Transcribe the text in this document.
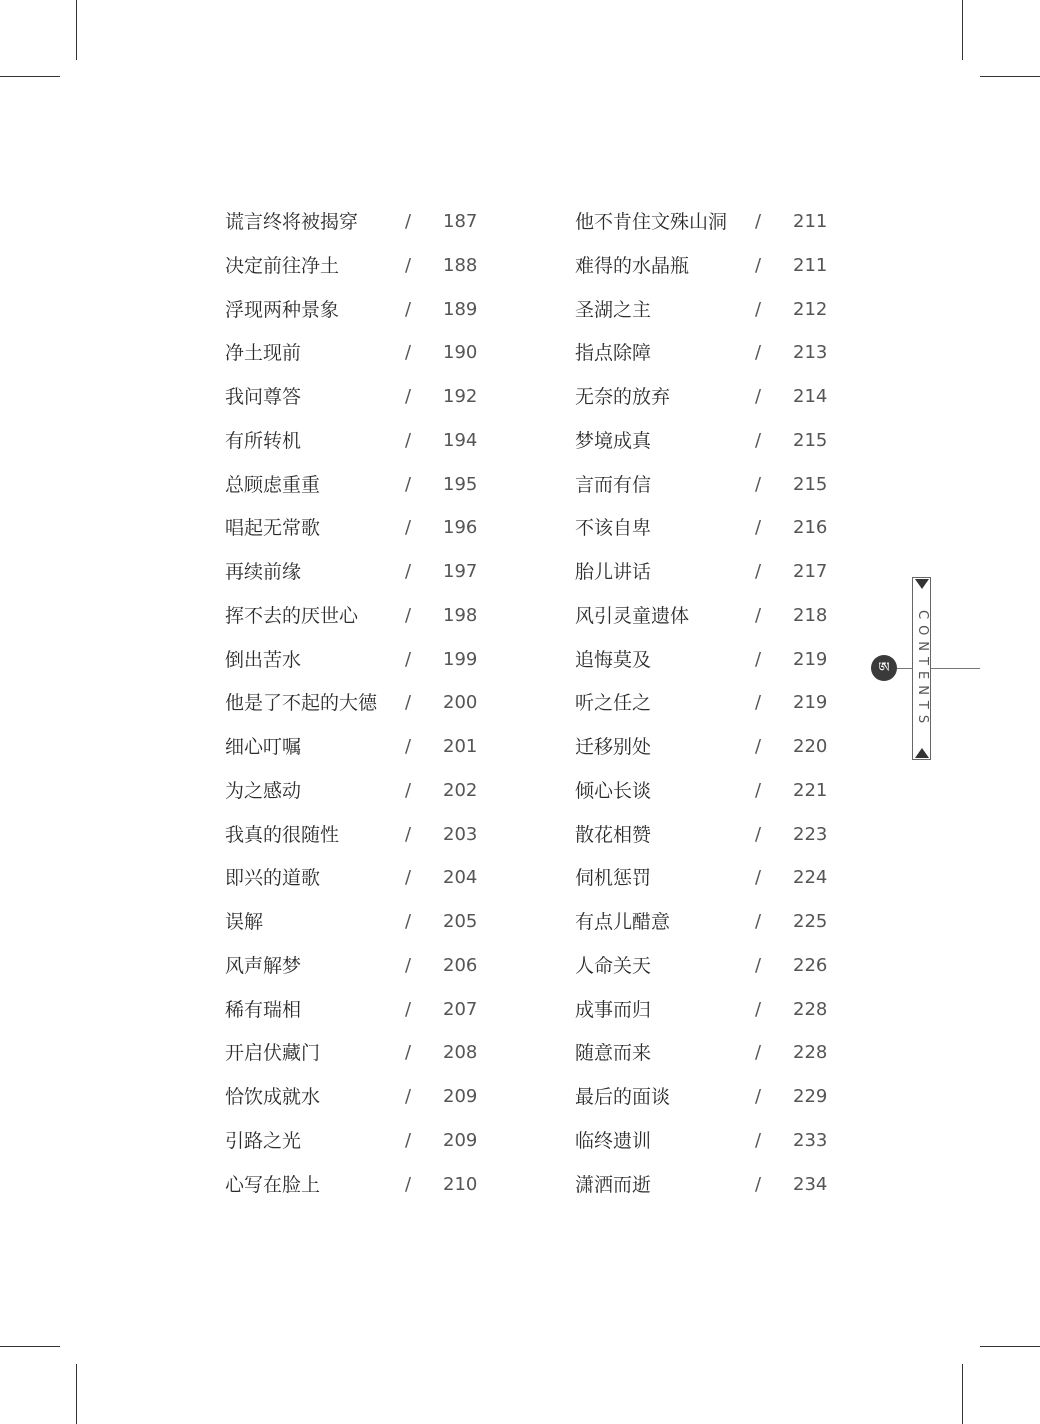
谎言终将被揭穿	/ 187
决定前往净土	/ 188
浮现两种景象	/ 189
净土现前	/ 190
我问尊答	/ 192
有所转机	/ 194
总顾虑重重	/ 195
唱起无常歌	/ 196
再续前缘	/ 197
挥不去的厌世心	/ 198
倒出苦水	/ 199
他是了不起的大德 / 200
细心叮嘱	/ 201
为之感动	/ 202
我真的很随性	/ 203
即兴的道歌	/ 204
误解	/ 205
风声解梦	/ 206
稀有瑞相	/ 207
开启伏藏门	/ 208
恰饮成就水	/ 209
引路之光	/ 209
心写在脸上	/ 210
他不肯住文殊山洞 / 211
难得的水晶瓶	/ 211
圣湖之主	/ 212
指点除障	/ 213
无奈的放弃	/ 214
梦境成真	/ 215
言而有信	/ 215
不该自卑	/ 216
胎儿讲话	/ 217
风引灵童遗体	/ 218
追悔莫及	/ 219
听之任之	/ 219
迁移别处	/ 220
倾心长谈	/ 221
散花相赞	/ 223
伺机惩罚	/ 224
有点儿醋意	/ 225
人命关天	/ 226
成事而归	/ 228
随意而来	/ 228
最后的面谈	/ 229
临终遗训	/ 233
潇洒而逝	/ 234
ཨ	CONTENTS
